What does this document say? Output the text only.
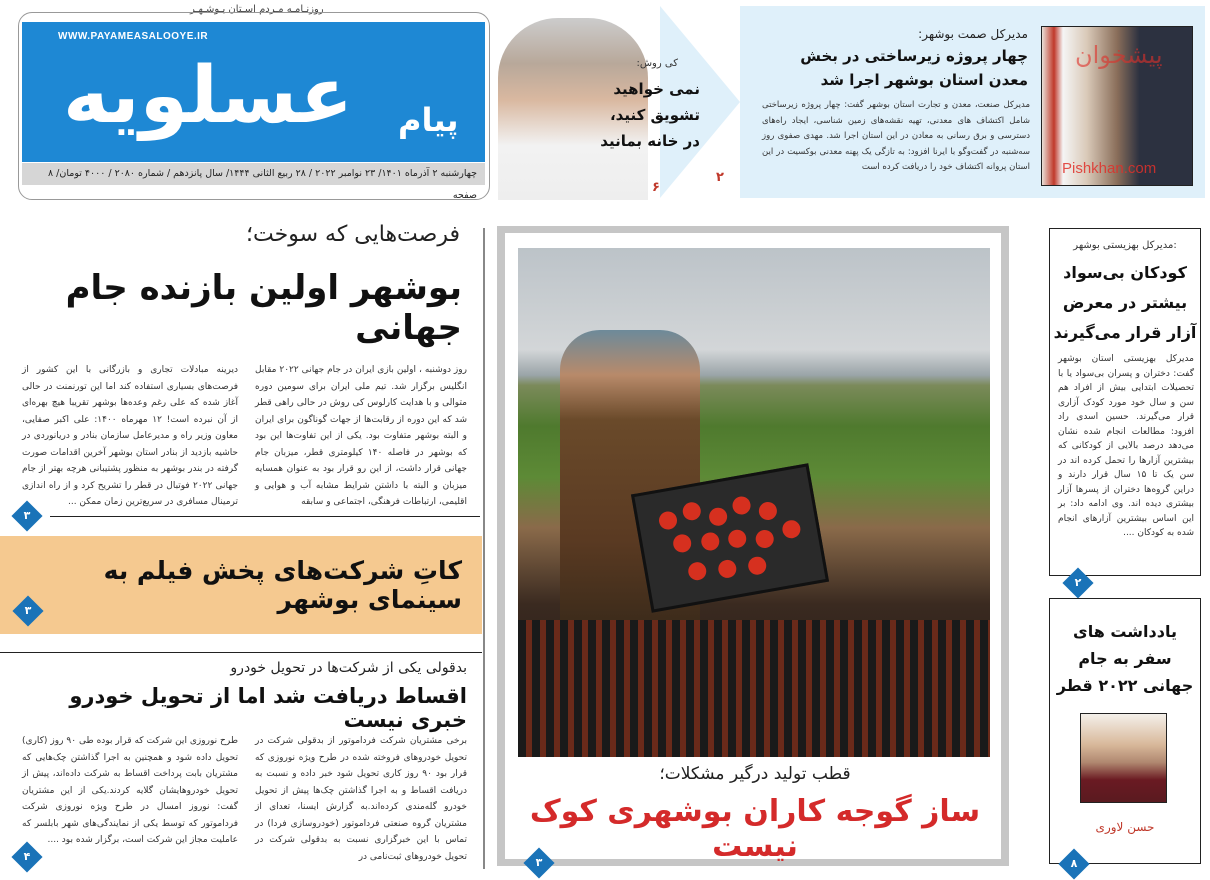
روزنـامـه مـردم اسـتان بـوشـهـر
WWW.PAYAMEASALOOYE.IR
عسلویه	پیام
چهارشنبه ۲ آذرماه ۱۴۰۱/ ۲۳ نوامبر ۲۰۲۲ / ۲۸ ربیع الثانی ۱۴۴۴/ سال پانزدهم / شماره ۲۰۸۰ / ۴۰۰۰ تومان/ ۸ صفحه
کی روش:
نمی خواهید تشویق کنید، در خانه بمانید
۶
مدیرکل صمت بوشهر:
چهار پروژه زیرساختی در بخش معدن استان بوشهر اجرا شد
مدیرکل صنعت، معدن و تجارت استان بوشهر گفت: چهار پروژه زیرساختی شامل اکتشاف های معدنی، تهیه نقشه‌های زمین شناسی، ایجاد راه‌های دسترسی و برق رسانی به معادن در این استان اجرا شد. مهدی صفوی روز سه‌شنبه در گفت‌وگو با ایرنا افزود: به تازگی یک پهنه معدنی بوکسیت در این استان پروانه اکتشاف خود را دریافت کرده است
۲
پیشخوان
Pishkhan.com
فرصت‌هایی که سوخت؛
بوشهر اولین بازنده جام جهانی
روز دوشنبه ، اولین بازی ایران در جام جهانی ۲۰۲۲ مقابل انگلیس برگزار شد. تیم ملی ایران برای سومین دوره متوالی و با هدایت کارلوس کی روش در حالی راهی قطر شد که این دوره از رقابت‌ها از جهات گوناگون برای ایران و البته بوشهر متفاوت بود. یکی از این تفاوت‌ها این بود که بوشهر در فاصله ۱۴۰ کیلومتری قطر، میزبان جام جهانی قرار داشت، از این رو قرار بود به عنوان همسایه میزبان و البته با داشتن شرایط مشابه آب و هوایی و اقلیمی، ارتباطات فرهنگی، اجتماعی و سابقه
دیرینه مبادلات تجاری و بازرگانی با این کشور از فرصت‌های بسیاری استفاده کند اما این تورنمنت در حالی آغاز شده که علی رغم وعده‌ها بوشهر تقریبا هیچ بهره‌ای از آن نبرده است! ۱۲ مهرماه ۱۴۰۰: علی اکبر صفایی، معاون وزیر راه و مدیرعامل سازمان بنادر و دریانوردی در حاشیه بازدید از بنادر استان بوشهر آخرین اقدامات صورت گرفته در بندر بوشهر به منظور پشتیبانی هرچه بهتر از جام جهانی ۲۰۲۲ فوتبال در قطر را تشریح کرد و از راه اندازی ترمینال مسافری در سریع‌ترین زمان ممکن ...
۳
کاتِ شرکت‌های پخش فیلم به سینمای بوشهر
۳
بدقولی یکی از شرکت‌ها در تحویل خودرو
اقساط دریافت شد اما از تحویل خودرو خبری نیست
برخی مشتریان شرکت فرداموتور از بدقولی شرکت در تحویل خودروهای فروخته شده در طرح ویژه نوروزی که قرار بود ۹۰ روز کاری تحویل شود خبر داده و نسبت به دریافت اقساط و به اجرا گذاشتن چک‌ها پیش از تحویل خودرو گله‌مندی کرده‌اند.به گزارش ایسنا، تعدای از مشتریان گروه صنعتی فرداموتور (خودروسازی فردا) در تماس با این خبرگزاری نسبت به بدقولی شرکت در تحویل خودروهای ثبت‌نامی در
طرح نوروزی این شرکت که قرار بوده طی ۹۰ روز (کاری) تحویل داده شود و همچنین به اجرا گذاشتن چک‌هایی که مشتریان بابت پرداخت اقساط به شرکت داده‌اند، پیش از تحویل خودروهایشان گلایه کردند.یکی از این مشتریان گفت: نوروز امسال در طرح ویژه نوروزی شرکت فرداموتور که توسط یکی از نمایندگی‌های شهر بابلسر که عاملیت مجاز این شرکت است، برگزار شده بود ....
۴
قطب تولید درگیر مشکلات؛
ساز گوجه کاران بوشهری کوک نیست
۳
مدیرکل بهزیستی بوشهر:
کودکان بی‌سواد بیشتر در معرض آزار قرار می‌گیرند
مدیرکل بهزیستی استان بوشهر گفت: دختران و پسران بی‌سواد یا با تحصیلات ابتدایی بیش از افراد هم سن و سال خود مورد کودک آزاری قرار می‌گیرند. حسین اسدی راد افزود: مطالعات انجام شده نشان می‌دهد درصد بالایی از کودکانی که بیشترین آزارها را تحمل کرده اند در سن یک تا ۱۵ سال قرار دارند و دراین گروه‌ها دختران از پسرها آزار بیشتری دیده اند. وی ادامه داد: بر این اساس بیشترین آزارهای انجام شده به کودکان ....
۲
یادداشت های سفر به جام جهانی ۲۰۲۲ قطر
حسن لاوری
۸
